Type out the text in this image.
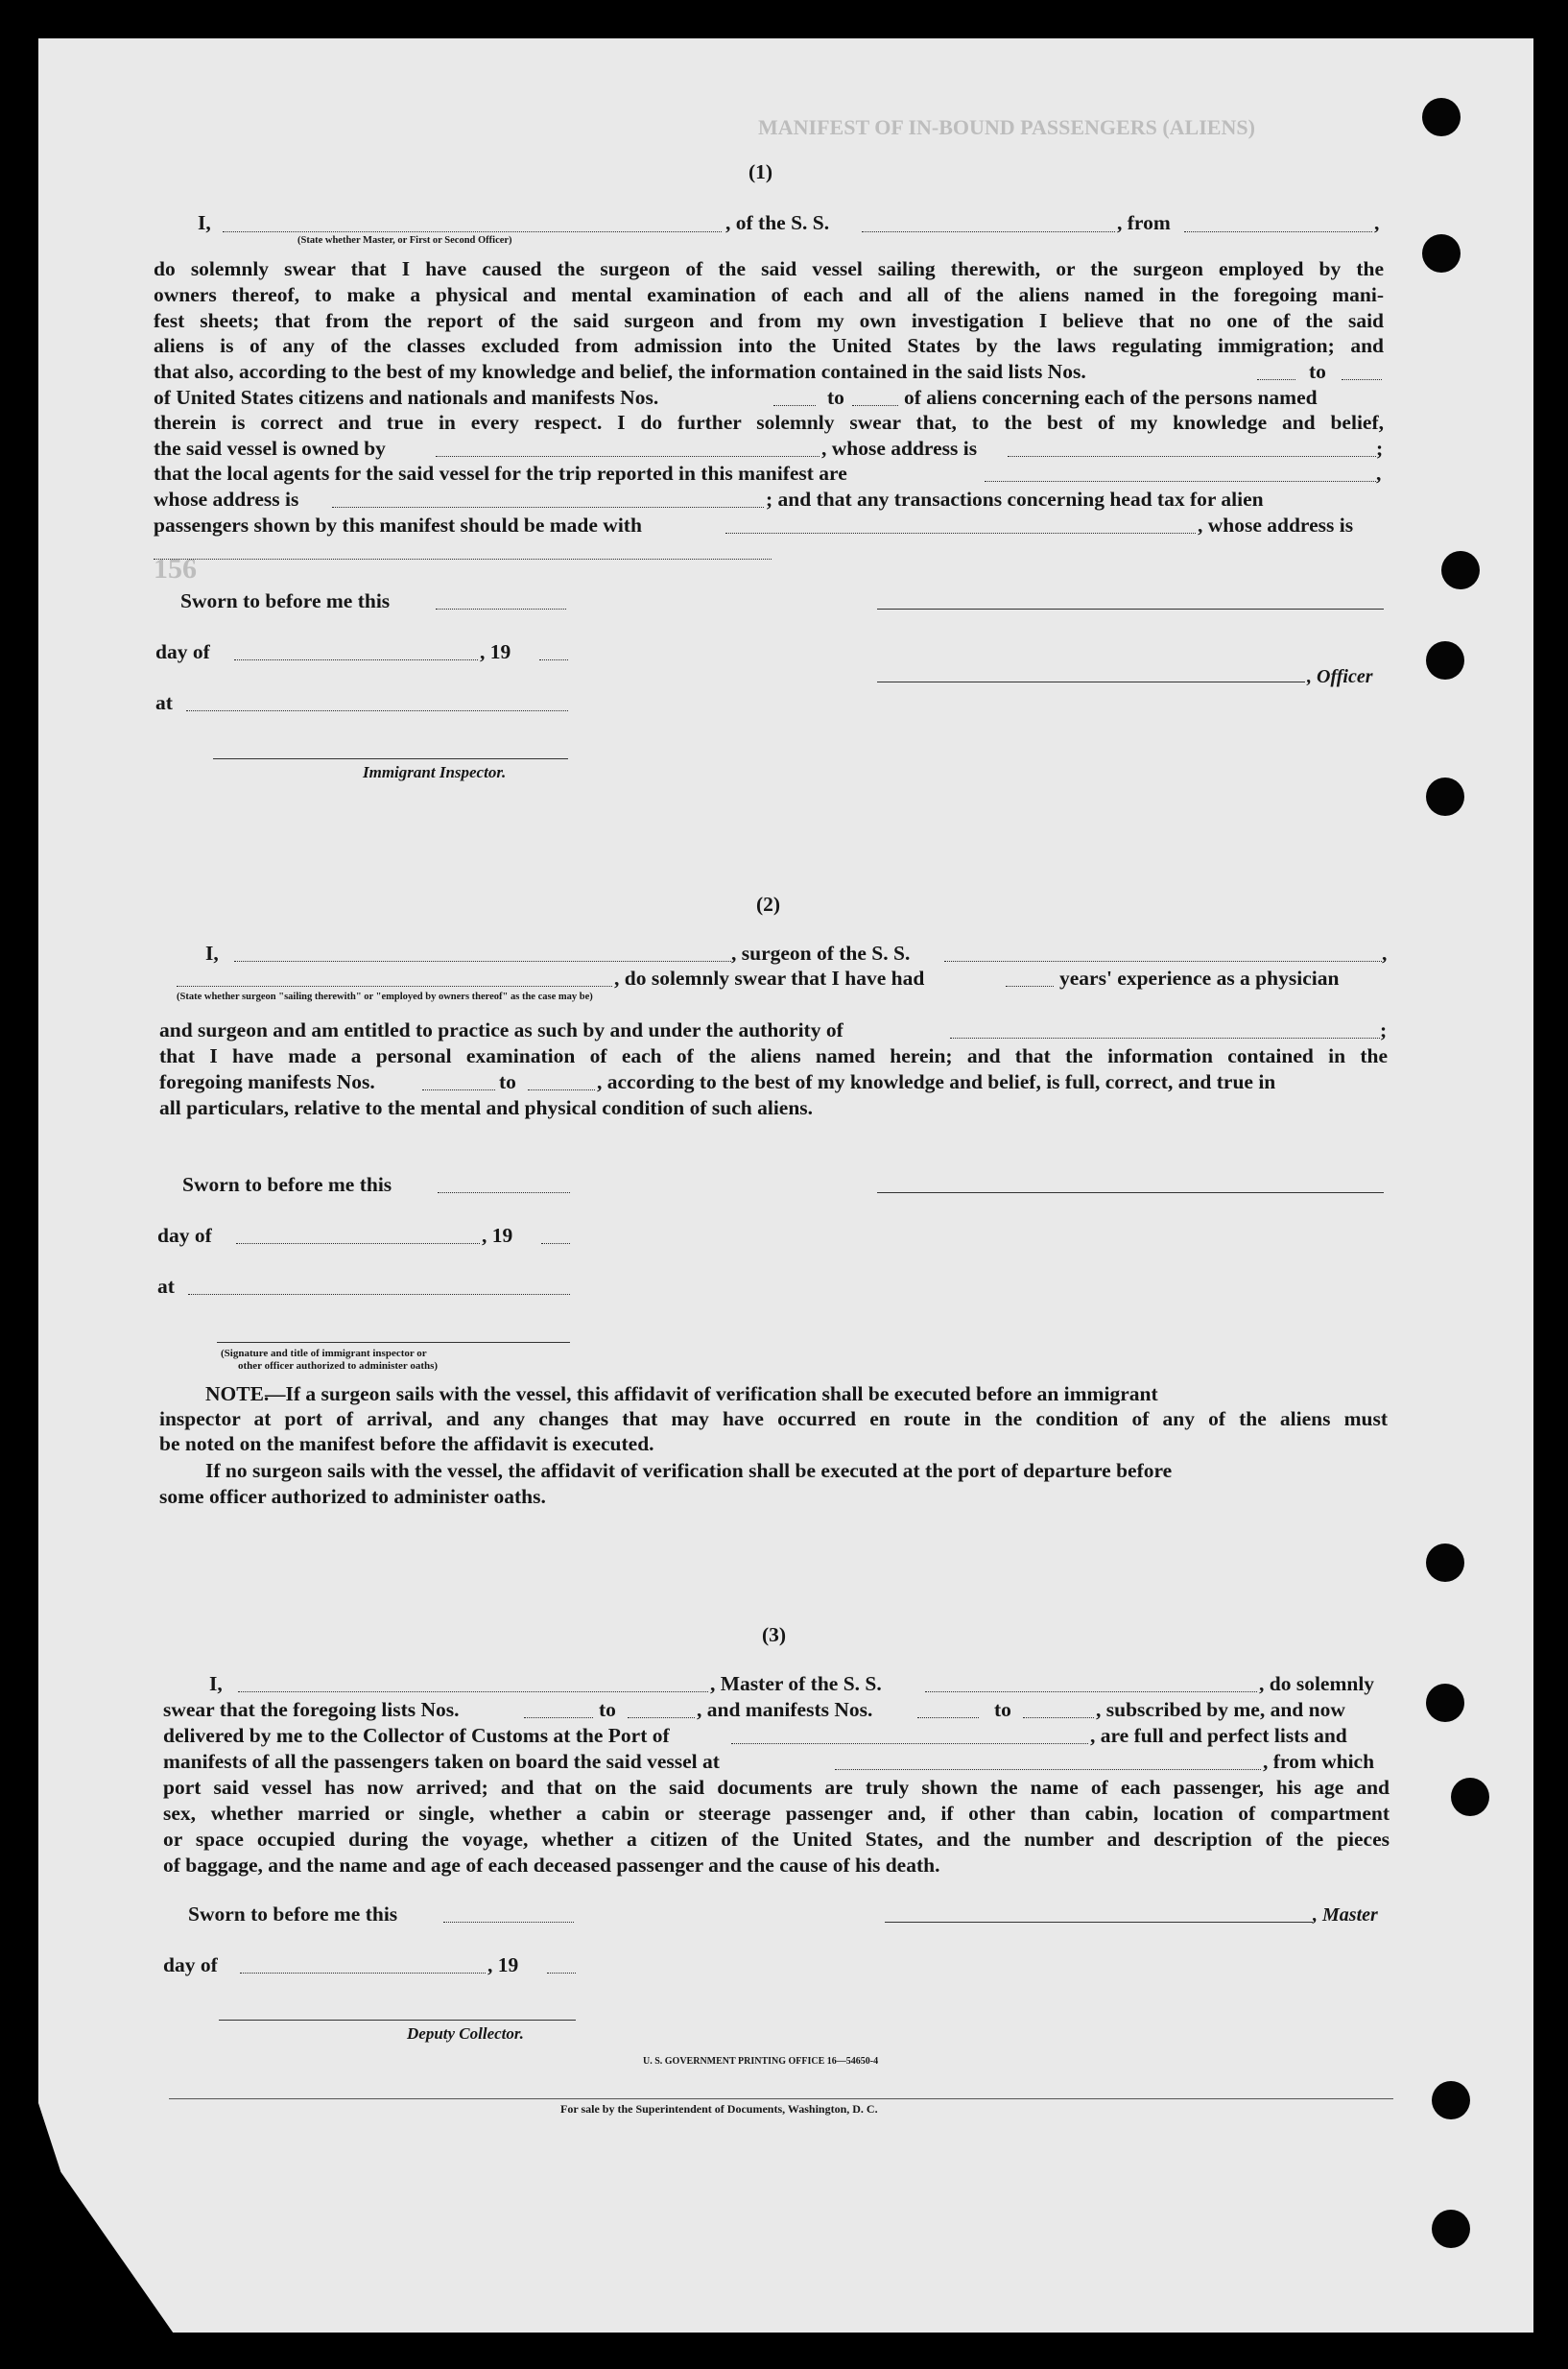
MANIFEST OF IN-BOUND PASSENGERS (ALIENS)
156
(1)
I,	, of the S. S.	, from	,
(State whether Master, or First or Second Officer)
do solemnly swear that I have caused the surgeon of the said vessel sailing therewith, or the surgeon employed by the
owners thereof, to make a physical and mental examination of each and all of the aliens named in the foregoing mani-
fest sheets; that from the report of the said surgeon and from my own investigation I believe that no one of the said
aliens is of any of the classes excluded from admission into the United States by the laws regulating immigration; and
that also, according to the best of my knowledge and belief, the information contained in the said lists Nos.	to
of United States citizens and nationals and manifests Nos.	to	of aliens concerning each of the persons named
therein is correct and true in every respect. I do further solemnly swear that, to the best of my knowledge and belief,
the said vessel is owned by	, whose address is	;
that the local agents for the said vessel for the trip reported in this manifest are	,
whose address is	; and that any transactions concerning head tax for alien
passengers shown by this manifest should be made with	, whose address is
Sworn to before me this
day of	, 19
, Officer
at
Immigrant Inspector.
(2)
I,	, surgeon of the S. S.	,
, do solemnly swear that I have had	years' experience as a physician
(State whether surgeon "sailing therewith" or "employed by owners thereof" as the case may be)
and surgeon and am entitled to practice as such by and under the authority of	;
that I have made a personal examination of each of the aliens named herein; and that the information contained in the
foregoing manifests Nos.	to	, according to the best of my knowledge and belief, is full, correct, and true in
all particulars, relative to the mental and physical condition of such aliens.
Sworn to before me this
day of	, 19
at
(Signature and title of immigrant inspector or
other officer authorized to administer oaths)
NOTE.
—If a surgeon sails with the vessel, this affidavit of verification shall be executed before an immigrant
inspector at port of arrival, and any changes that may have occurred en route in the condition of any of the aliens must
be noted on the manifest before the affidavit is executed.
If no surgeon sails with the vessel, the affidavit of verification shall be executed at the port of departure before
some officer authorized to administer oaths.
(3)
I,	, Master of the S. S.	, do solemnly
swear that the foregoing lists Nos.	to	, and manifests Nos.	to	, subscribed by me, and now
delivered by me to the Collector of Customs at the Port of	, are full and perfect lists and
manifests of all the passengers taken on board the said vessel at	, from which
port said vessel has now arrived; and that on the said documents are truly shown the name of each passenger, his age and
sex, whether married or single, whether a cabin or steerage passenger and, if other than cabin, location of compartment
or space occupied during the voyage, whether a citizen of the United States, and the number and description of the pieces
of baggage, and the name and age of each deceased passenger and the cause of his death.
Sworn to before me this	, Master
day of	, 19
Deputy Collector.
U. S. GOVERNMENT PRINTING OFFICE 16—54650-4
For sale by the Superintendent of Documents, Washington, D. C.
